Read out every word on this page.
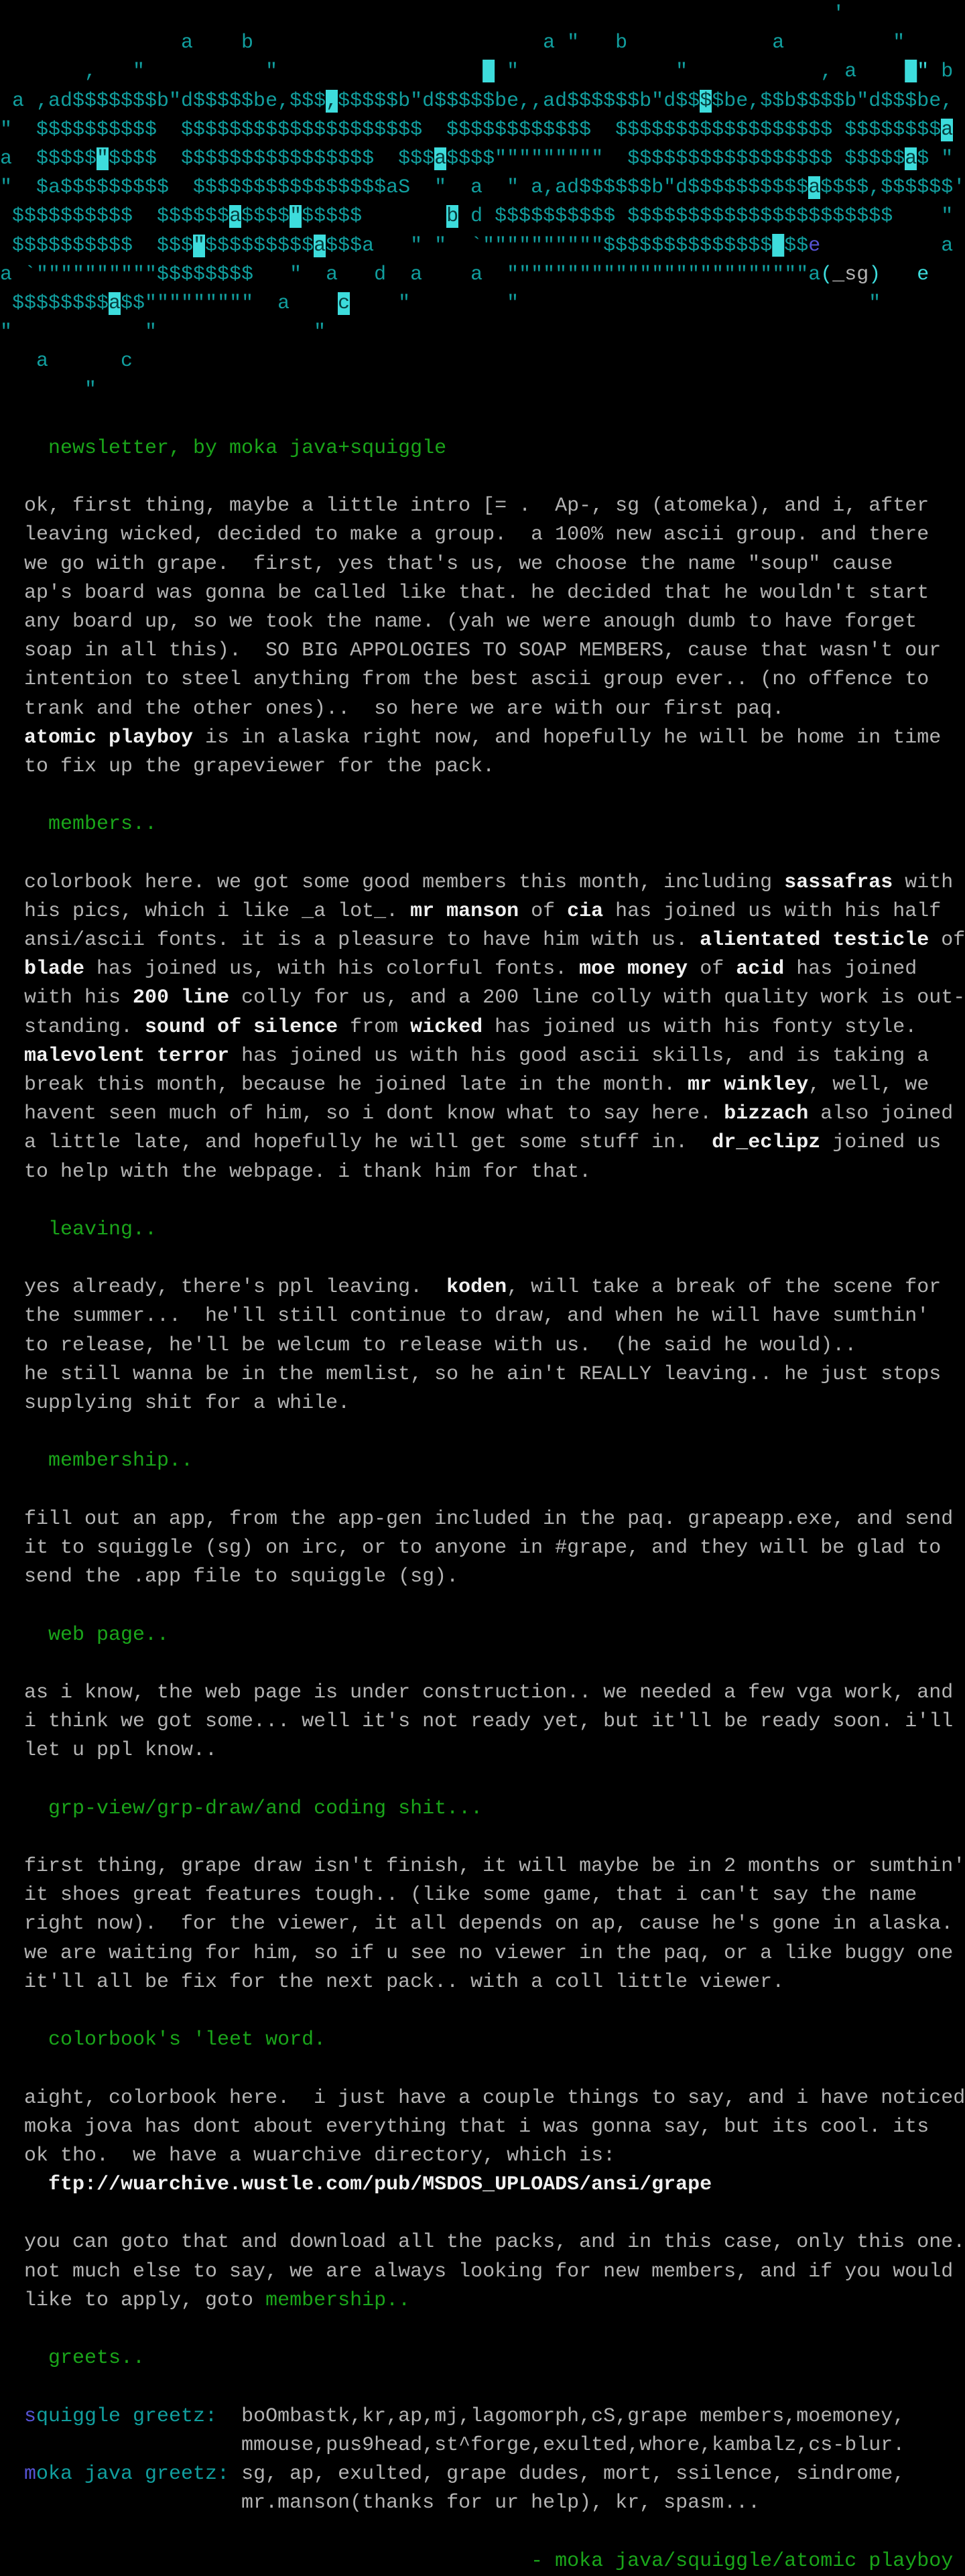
'
a    b                        a "   b            a         "
,   "          "                 █ "             "           , a    █" b
a ,ad$$$$$$$b"d$$$$$be,$$$,$$$$$b"d$$$$$be,,ad$$$$$$b"d$$$$be,$$b$$$$b"d$$$be,
"  $$$$$$$$$$  $$$$$$$$$$$$$$$$$$$$  $$$$$$$$$$$$  $$$$$$$$$$$$$$$$$$ $$$$$$$$a
a  $$$$$"$$$$  $$$$$$$$$$$$$$$$  $$$a$$$$"""""""""  $$$$$$$$$$$$$$$$$ $$$$$a$ "
"  $a$$$$$$$$$  $$$$$$$$$$$$$$$$aS  "  a  " a,ad$$$$$$b"d$$$$$$$$$$a$$$$,$$$$$$'
$$$$$$$$$$  $$$$$$a$$$$"$$$$$       b d $$$$$$$$$$ $$$$$$$$$$$$$$$$$$$$$$    "
$$$$$$$$$$  $$$"$$$$$$$$$a$$$a   " "  `""""""""""$$$$$$$$$$$$$$█$$e          a
a `""""""""""$$$$$$$$   "  a   d  a    a  """""""""""""""""""""""""a(_sg) e
$$$$$$$$a$$"""""""""  a    c    "        "                             "
"           "             "
a      c
"
newsletter, by moka java+squiggle
ok, first thing, maybe a little intro [= .  Ap-, sg (atomeka), and i, after
leaving wicked, decided to make a group.  a 100% new ascii group. and there
we go with grape.  first, yes that's us, we choose the name "soup" cause
ap's board was gonna be called like that. he decided that he wouldn't start
any board up, so we took the name. (yah we were anough dumb to have forget
soap in all this).  SO BIG APPOLOGIES TO SOAP MEMBERS, cause that wasn't our
intention to steel anything from the best ascii group ever.. (no offence to
trank and the other ones)..  so here we are with our first paq.
atomic playboy is in alaska right now, and hopefully he will be home in time
to fix up the grapeviewer for the pack.
members..
colorbook here. we got some good members this month, including sassafras with
his pics, which i like _a lot_. mr manson of cia has joined us with his half
ansi/ascii fonts. it is a pleasure to have him with us. alientated testicle of
blade has joined us, with his colorful fonts. moe money of acid has joined
with his 200 line colly for us, and a 200 line colly with quality work is out-
standing. sound of silence from wicked has joined us with his fonty style.
malevolent terror has joined us with his good ascii skills, and is taking a
break this month, because he joined late in the month. mr winkley, well, we
havent seen much of him, so i dont know what to say here. bizzach also joined
a little late, and hopefully he will get some stuff in.  dr_eclipz joined us
to help with the webpage. i thank him for that.
leaving..
yes already, there's ppl leaving.  koden, will take a break of the scene for
the summer...  he'll still continue to draw, and when he will have sumthin'
to release, he'll be welcum to release with us.  (he said he would)..
he still wanna be in the memlist, so he ain't REALLY leaving.. he just stops
supplying shit for a while.
membership..
fill out an app, from the app-gen included in the paq. grapeapp.exe, and send
it to squiggle (sg) on irc, or to anyone in #grape, and they will be glad to
send the .app file to squiggle (sg).
web page..
as i know, the web page is under construction.. we needed a few vga work, and
i think we got some... well it's not ready yet, but it'll be ready soon. i'll
let u ppl know..
grp-view/grp-draw/and coding shit...
first thing, grape draw isn't finish, it will maybe be in 2 months or sumthin'
it shoes great features tough.. (like some game, that i can't say the name
right now).  for the viewer, it all depends on ap, cause he's gone in alaska.
we are waiting for him, so if u see no viewer in the paq, or a like buggy one
it'll all be fix for the next pack.. with a coll little viewer.
colorbook's 'leet word.
aight, colorbook here.  i just have a couple things to say, and i have noticed
moka jova has dont about everything that i was gonna say, but its cool. its
ok tho.  we have a wuarchive directory, which is:
ftp://wuarchive.wustle.com/pub/MSDOS_UPLOADS/ansi/grape
you can goto that and download all the packs, and in this case, only this one.
not much else to say, we are always looking for new members, and if you would
like to apply, goto membership..
greets..
squiggle greetz:  boOmbastk,kr,ap,mj,lagomorph,cS,grape members,moemoney,
mmouse,pus9head,st^forge,exulted,whore,kambalz,cs-blur.
moka java greetz: sg, ap, exulted, grape dudes, mort, ssilence, sindrome,
mr.manson(thanks for ur help), kr, spasm...
- moka java/squiggle/atomic playboy
